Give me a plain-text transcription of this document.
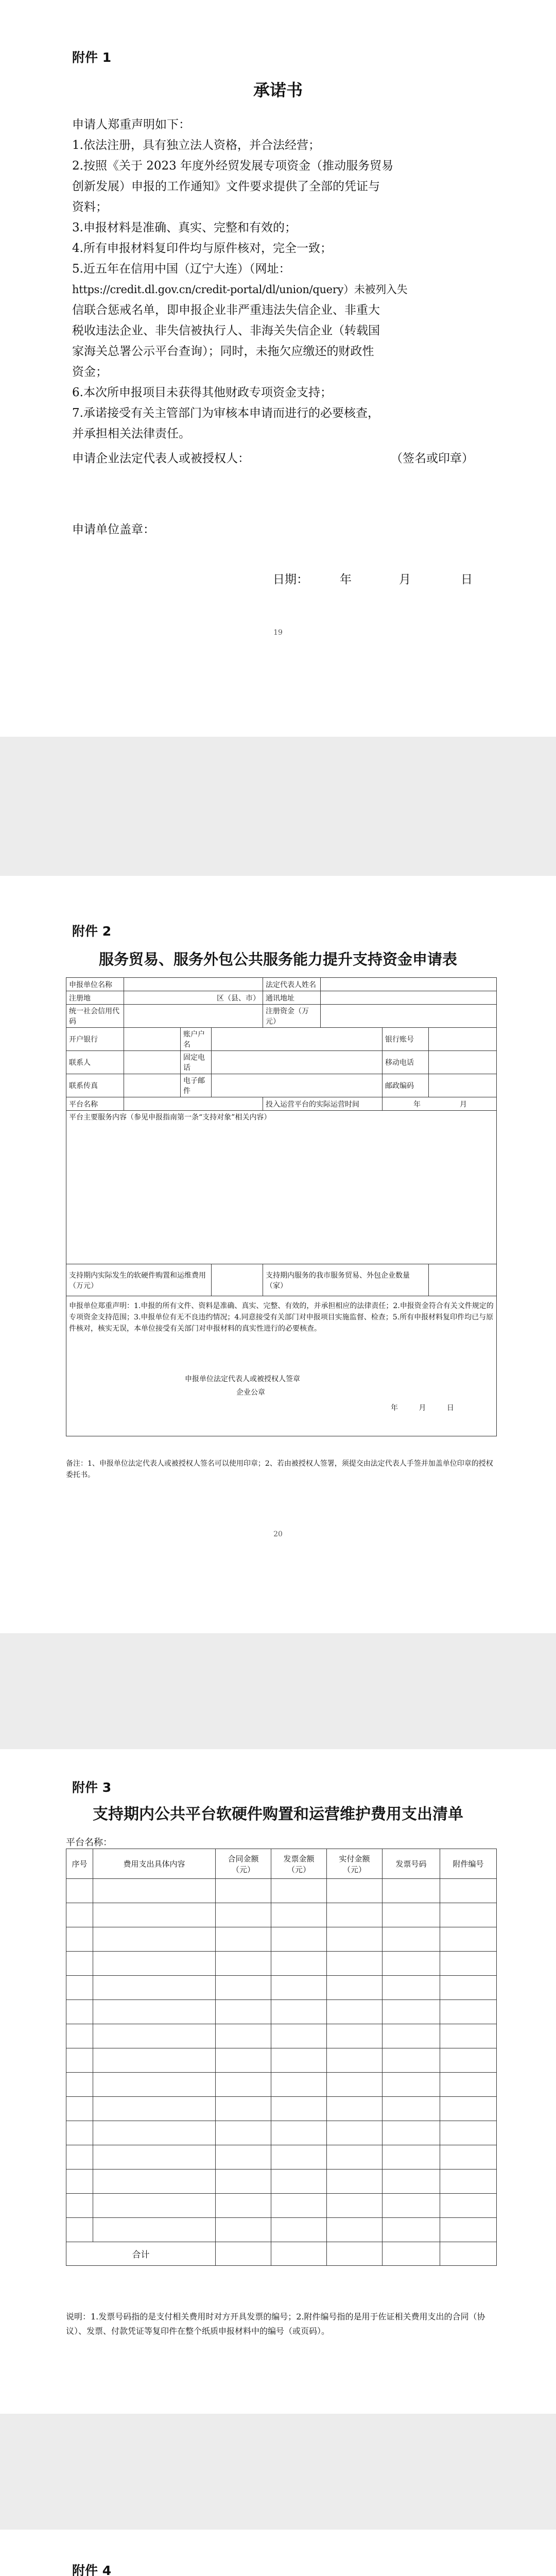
附件 1
承诺书
申请人郑重声明如下：
1.依法注册，具有独立法人资格，并合法经营；
2.按照《关于 2023 年度外经贸发展专项资金（推动服务贸易
创新发展）申报的工作通知》文件要求提供了全部的凭证与
资料；
3.申报材料是准确、真实、完整和有效的；
4.所有申报材料复印件均与原件核对，完全一致；
5.近五年在信用中国（辽宁大连）（网址：
https://credit.dl.gov.cn/credit-portal/dl/union/query）未被列入失
信联合惩戒名单，即申报企业非严重违法失信企业、非重大
税收违法企业、非失信被执行人、非海关失信企业（转载国
家海关总署公示平台查询）；同时，未拖欠应缴还的财政性
资金；
6.本次所申报项目未获得其他财政专项资金支持；
7.承诺接受有关主管部门为审核本申请而进行的必要核查，
并承担相关法律责任。
申请企业法定代表人或被授权人：	（签名或印章）
申请单位盖章：
日期：	年	月	日
19
附件 2
服务贸易、服务外包公共服务能力提升支持资金申请表
申报单位名称				法定代表人姓名			
注册地	区（县、市）			通讯地址			
统一社会信用代码				注册资金（万元）			
开户银行		账户户名				银行账号	
联系人		固定电话				移动电话	
联系传真		电子邮件				邮政编码	
平台名称				投入运营平台的实际运营时间		年 月	

平台主要服务内容（参见申报指南第一条“支持对象”相关内容）							
支持期内实际发生的软硬件购置和运维费用（万元）				支持期内服务的我市服务贸易、外包企业数量（家）			

申报单位郑重声明：1.申报的所有文件、资料是准确、真实、完整、有效的，并承担相应的法律责任；2.申报资金符合有关文件规定的专项资金支持范围；3.申报单位有无不良违约情况；4.同意接受有关部门对申报项目实施监督、检查；5.所有申报材料复印件均已与原件核对，核实无误，本单位接受有关部门对申报材料的真实性进行的必要核查。
申报单位法定代表人或被授权人签章
企业公章
年 月 日							
备注：1、申报单位法定代表人或被授权人签名可以使用印章；2、若由被授权人签署，须提交由法定代表人手签并加盖单位印章的授权委托书。
20
附件 3
支持期内公共平台软硬件购置和运营维护费用支出清单
平台名称：
序号	费用支出具体内容	合同金额（元）	发票金额（元）	实付金额（元）	发票号码	附件编号

合计						
说明：1.发票号码指的是支付相关费用时对方开具发票的编号；2.附件编号指的是用于佐证相关费用支出的合同（协议）、发票、付款凭证等复印件在整个纸质申报材料中的编号（或页码）。
附件 4
